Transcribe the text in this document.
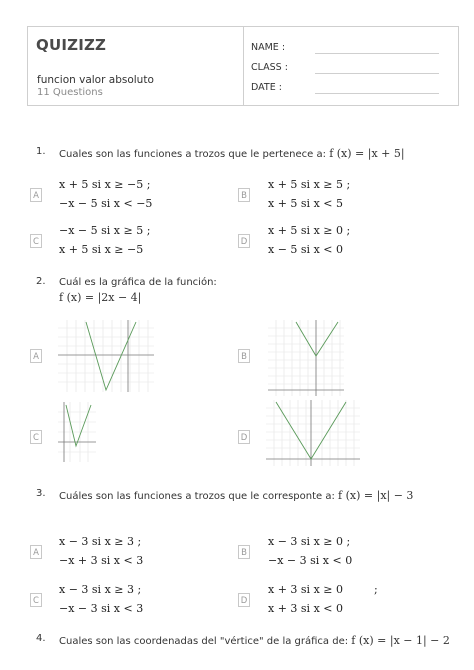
QUIZIZZ
funcion valor absoluto
11 Questions
NAME :
CLASS :
DATE :
1. Cuales son las funciones a trozos que le pertenece a: f (x) = |x + 5|
A
x + 5 si x ≥ −5 ;
−x − 5 si x < −5
B
x + 5 si x ≥ 5 ;
x + 5 si x < 5
C
−x − 5 si x ≥ 5 ;
x + 5 si x ≥ −5
D
x + 5 si x ≥ 0 ;
x − 5 si x < 0
2. Cuál es la gráfica de la función:
f (x) = |2x − 4|
A	B
C	D
3. Cuáles son las funciones a trozos que le corresponte a: f (x) = |x| − 3
A
x − 3 si x ≥ 3 ;
−x + 3 si x < 3
B
x − 3 si x ≥ 0 ;
−x − 3 si x < 0
C
x − 3 si x ≥ 3 ;
−x − 3 si x < 3
D
x + 3 si x ≥ 0	;
x + 3 si x < 0
4. Cuales son las coordenadas del "vértice" de la gráfica de: f (x) = |x − 1| − 2
